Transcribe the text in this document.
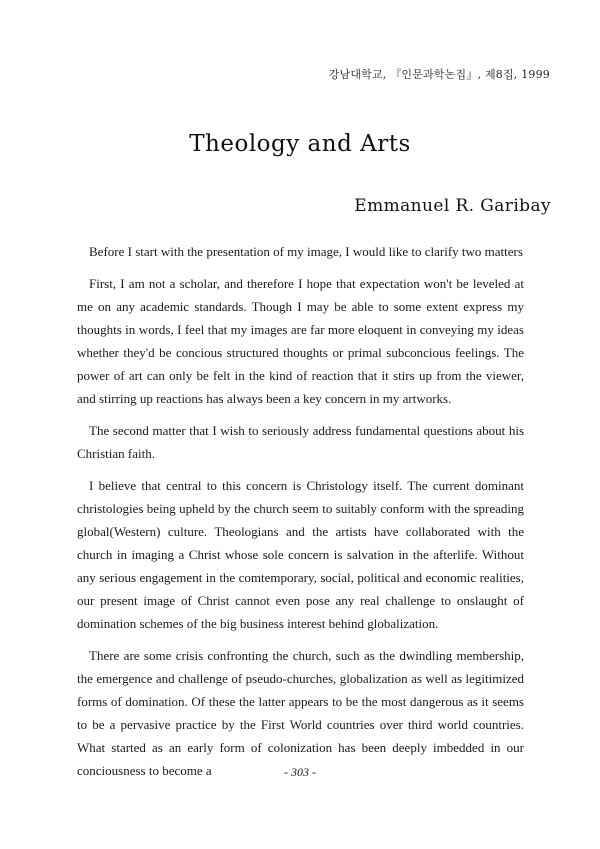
강남대학교, 『인문과학논집』, 제8집, 1999
Theology and Arts
Emmanuel R. Garibay

Before I start with the presentation of my image, I would like to clarify two matters

First, I am not a scholar, and therefore I hope that expectation won't be leveled at me on any academic standards. Though I may be able to some extent express my thoughts in words, I feel that my images are far more eloquent in conveying my ideas whether they'd be concious structured thoughts or primal subconcious feelings. The power of art can only be felt in the kind of reaction that it stirs up from the viewer, and stirring up reactions has always been a key concern in my artworks.

The second matter that I wish to seriously address fundamental questions about his Christian faith.

I believe that central to this concern is Christology itself. The current dominant christologies being upheld by the church seem to suitably conform with the spreading global(Western) culture. Theologians and the artists have collaborated with the church in imaging a Christ whose sole concern is salvation in the afterlife. Without any serious engagement in the comtemporary, social, political and economic realities, our present image of Christ cannot even pose any real challenge to onslaught of domination schemes of the big business interest behind globalization.

There are some crisis confronting the church, such as the dwindling membership, the emergence and challenge of pseudo-churches, globalization as well as legitimized forms of domination. Of these the latter appears to be the most dangerous as it seems to be a pervasive practice by the First World countries over third world countries. What started as an early form of colonization has been deeply imbedded in our conciousness to become a	- 303 -
